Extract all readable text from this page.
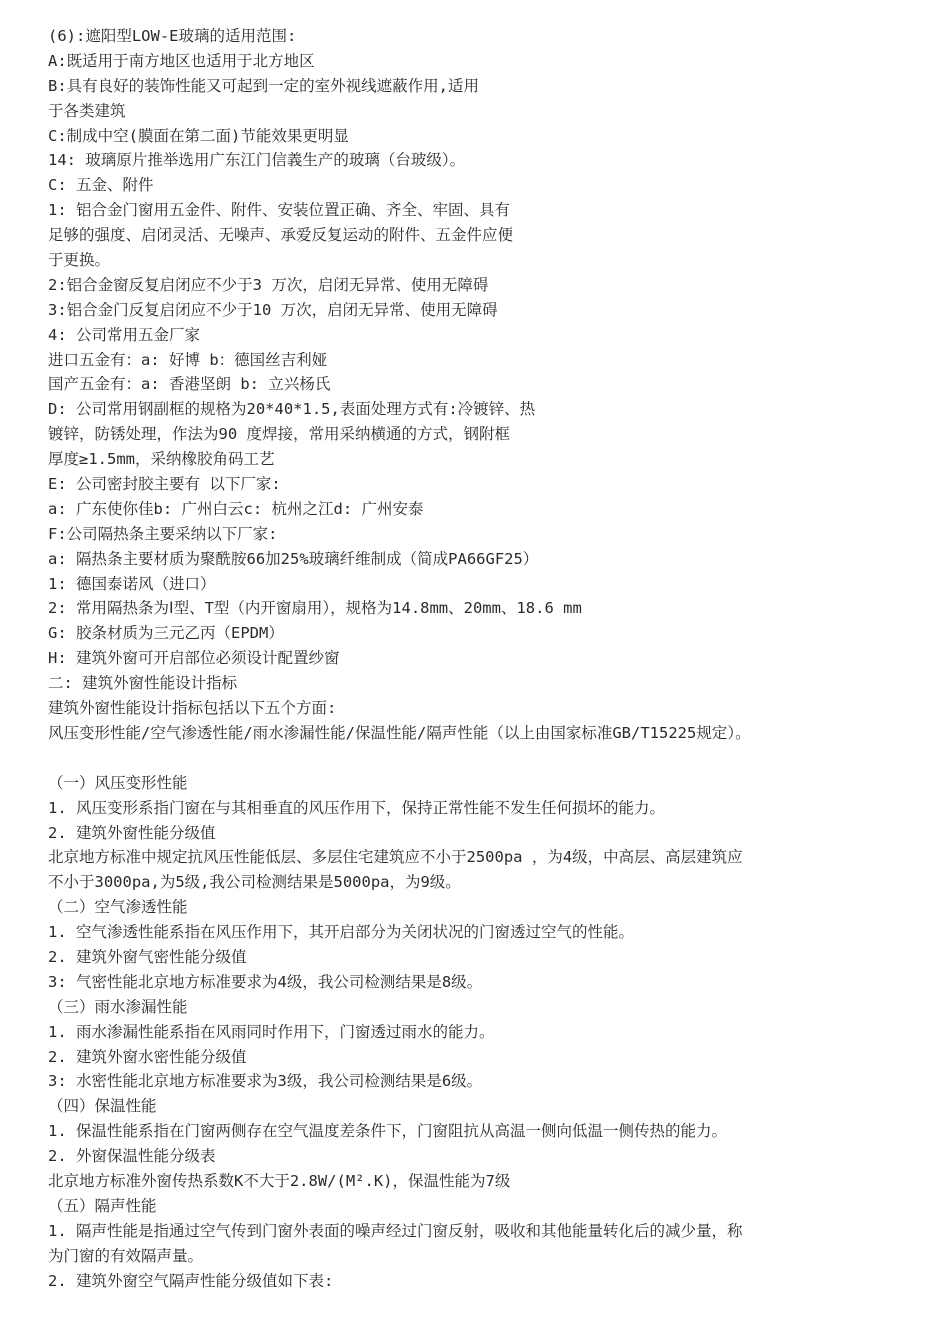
(6):遮阳型LOW-E玻璃的适用范围:
A:既适用于南方地区也适用于北方地区
B:具有良好的装饰性能又可起到一定的室外视线遮蔽作用,适用
于各类建筑
C:制成中空(膜面在第二面)节能效果更明显
14: 玻璃原片推举选用广东江门信義生产的玻璃（台玻级）。
C: 五金、附件
1: 铝合金门窗用五金件、附件、安装位置正确、齐全、牢固、具有
足够的强度、启闭灵活、无噪声、承爱反复运动的附件、五金件应便
于更换。
2:铝合金窗反复启闭应不少于3 万次，启闭无异常、使用无障碍
3:铝合金门反复启闭应不少于10 万次，启闭无异常、使用无障碍
4: 公司常用五金厂家
进口五金有：a: 好博 b：德国丝吉利娅
国产五金有：a: 香港坚朗 b: 立兴杨氏
D: 公司常用钢副框的规格为20*40*1.5,表面处理方式有:冷镀锌、热
镀锌，防锈处理，作法为90 度焊接，常用采纳横通的方式，钢附框
厚度≥1.5mm，采纳橡胶角码工艺
E: 公司密封胶主要有 以下厂家:
a: 广东使你佳b: 广州白云c: 杭州之江d: 广州安泰
F:公司隔热条主要采纳以下厂家:
a: 隔热条主要材质为聚酰胺66加25%玻璃纤维制成（简成PA66GF25）
1: 德国泰诺风（进口）
2: 常用隔热条为Ⅰ型、T型（内开窗扇用），规格为14.8mm、20mm、18.6 mm
G: 胶条材质为三元乙丙（EPDM）
H: 建筑外窗可开启部位必须设计配置纱窗
二: 建筑外窗性能设计指标
建筑外窗性能设计指标包括以下五个方面:
风压变形性能/空气渗透性能/雨水渗漏性能/保温性能/隔声性能（以上由国家标准GB/T15225规定）。
（一）风压变形性能
1. 风压变形系指门窗在与其相垂直的风压作用下，保持正常性能不发生任何损坏的能力。
2. 建筑外窗性能分级值
北京地方标准中规定抗风压性能低层、多层住宅建筑应不小于2500pa ，为4级，中高层、高层建筑应
不小于3000pa,为5级,我公司检测结果是5000pa，为9级。
（二）空气渗透性能
1. 空气渗透性能系指在风压作用下，其开启部分为关闭状况的门窗透过空气的性能。
2. 建筑外窗气密性能分级值
3: 气密性能北京地方标准要求为4级，我公司检测结果是8级。
（三）雨水渗漏性能
1. 雨水渗漏性能系指在风雨同时作用下，门窗透过雨水的能力。
2. 建筑外窗水密性能分级值
3: 水密性能北京地方标准要求为3级，我公司检测结果是6级。
（四）保温性能
1. 保温性能系指在门窗两侧存在空气温度差条件下，门窗阻抗从高温一侧向低温一侧传热的能力。
2. 外窗保温性能分级表
北京地方标准外窗传热系数K不大于2.8W/(M².K)，保温性能为7级
（五）隔声性能
1. 隔声性能是指通过空气传到门窗外表面的噪声经过门窗反射，吸收和其他能量转化后的减少量，称
为门窗的有效隔声量。
2. 建筑外窗空气隔声性能分级值如下表:
